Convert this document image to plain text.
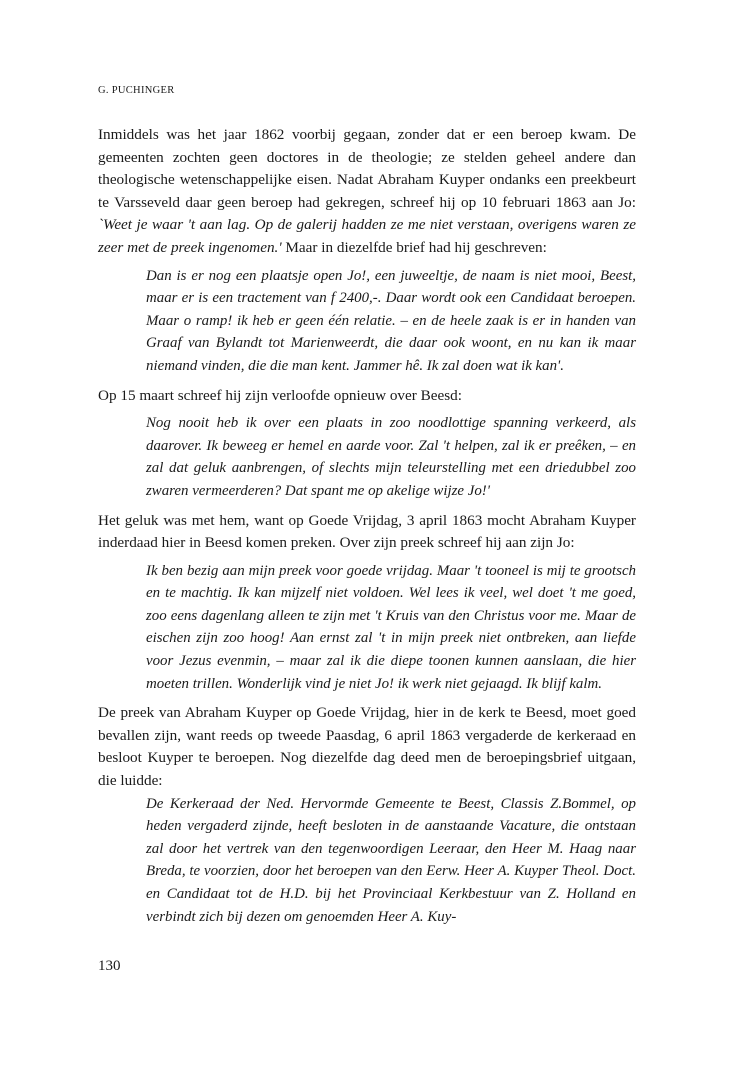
G. PUCHINGER

Inmiddels was het jaar 1862 voorbij gegaan, zonder dat er een beroep kwam. De gemeenten zochten geen doctores in de theologie; ze stelden geheel andere dan theologische wetenschappelijke eisen. Nadat Abraham Kuyper ondanks een preekbeurt te Varsseveld daar geen beroep had gekregen, schreef hij op 10 februari 1863 aan Jo: `Weet je waar 't aan lag. Op de galerij hadden ze me niet verstaan, overigens waren ze zeer met de preek ingenomen.' Maar in diezelfde brief had hij geschreven:

Dan is er nog een plaatsje open Jo!, een juweeltje, de naam is niet mooi, Beest, maar er is een tractement van f 2400,-. Daar wordt ook een Candidaat beroepen. Maar o ramp! ik heb er geen één relatie. – en de heele zaak is er in handen van Graaf van Bylandt tot Marienweerdt, die daar ook woont, en nu kan ik maar niemand vinden, die die man kent. Jammer hê. Ik zal doen wat ik kan'.

Op 15 maart schreef hij zijn verloofde opnieuw over Beesd:

Nog nooit heb ik over een plaats in zoo noodlottige spanning verkeerd, als daarover. Ik beweeg er hemel en aarde voor. Zal 't helpen, zal ik er preêken, – en zal dat geluk aanbrengen, of slechts mijn teleurstelling met een driedubbel zoo zwaren vermeerderen? Dat spant me op akelige wijze Jo!'

Het geluk was met hem, want op Goede Vrijdag, 3 april 1863 mocht Abraham Kuyper inderdaad hier in Beesd komen preken. Over zijn preek schreef hij aan zijn Jo:

Ik ben bezig aan mijn preek voor goede vrijdag. Maar 't tooneel is mij te grootsch en te machtig. Ik kan mijzelf niet voldoen. Wel lees ik veel, wel doet 't me goed, zoo eens dagenlang alleen te zijn met 't Kruis van den Christus voor me. Maar de eischen zijn zoo hoog! Aan ernst zal 't in mijn preek niet ontbreken, aan liefde voor Jezus evenmin, – maar zal ik die diepe toonen kunnen aanslaan, die hier moeten trillen. Wonderlijk vind je niet Jo! ik werk niet gejaagd. Ik blijf kalm.

De preek van Abraham Kuyper op Goede Vrijdag, hier in de kerk te Beesd, moet goed bevallen zijn, want reeds op tweede Paasdag, 6 april 1863 vergaderde de kerkeraad en besloot Kuyper te beroepen. Nog diezelfde dag deed men de beroepingsbrief uitgaan, die luidde:

De Kerkeraad der Ned. Hervormde Gemeente te Beest, Classis Z.Bommel, op heden vergaderd zijnde, heeft besloten in de aanstaande Vacature, die ontstaan zal door het vertrek van den tegenwoordigen Leeraar, den Heer M. Haag naar Breda, te voorzien, door het beroepen van den Eerw. Heer A. Kuyper Theol. Doct. en Candidaat tot de H.D. bij het Provinciaal Kerkbestuur van Z. Holland en verbindt zich bij dezen om genoemden Heer A. Kuy-

130
